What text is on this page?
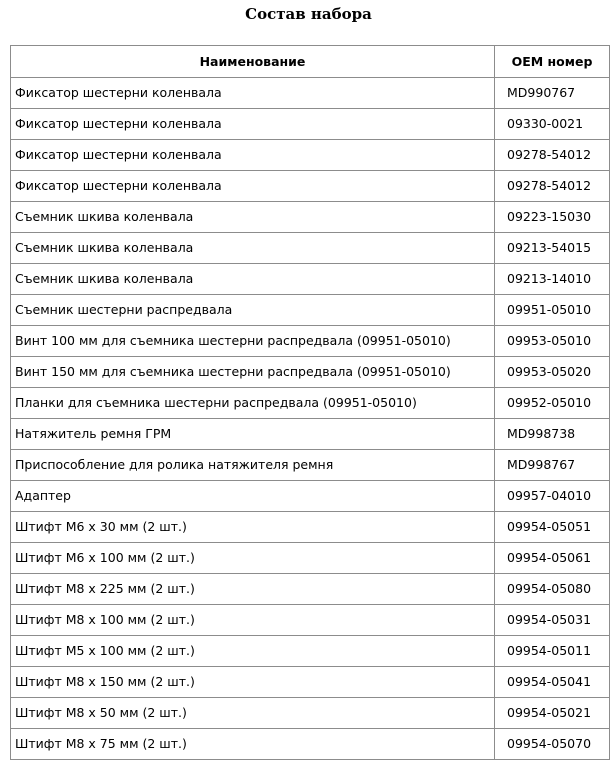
Состав набора
Наименование	OEM номер
Фиксатор шестерни коленвала	MD990767
Фиксатор шестерни коленвала	09330-0021
Фиксатор шестерни коленвала	09278-54012
Фиксатор шестерни коленвала	09278-54012
Съемник шкива коленвала	09223-15030
Съемник шкива коленвала	09213-54015
Съемник шкива коленвала	09213-14010
Съемник шестерни распредвала	09951-05010
Винт 100 мм для съемника шестерни распредвала (09951-05010)	09953-05010
Винт 150 мм для съемника шестерни распредвала (09951-05010)	09953-05020
Планки для съемника шестерни распредвала (09951-05010)	09952-05010
Натяжитель ремня ГРМ	MD998738
Приспособление для ролика натяжителя ремня	MD998767
Адаптер	09957-04010
Штифт М6 х 30 мм (2 шт.)	09954-05051
Штифт М6 х 100 мм (2 шт.)	09954-05061
Штифт М8 х 225 мм (2 шт.)	09954-05080
Штифт М8 х 100 мм (2 шт.)	09954-05031
Штифт М5 х 100 мм (2 шт.)	09954-05011
Штифт М8 х 150 мм (2 шт.)	09954-05041
Штифт М8 х 50 мм (2 шт.)	09954-05021
Штифт М8 х 75 мм (2 шт.)	09954-05070
